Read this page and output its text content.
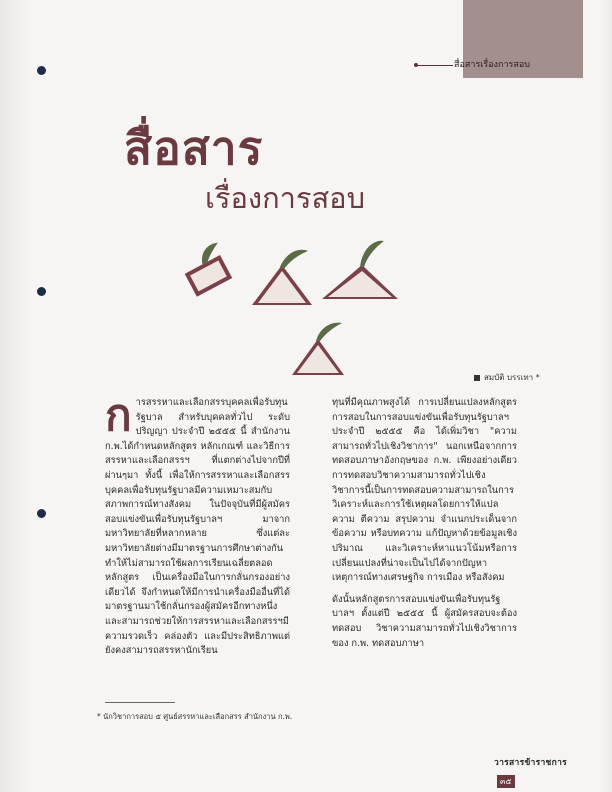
สื่อสารเรื่องการสอบ
สื่อสาร
เรื่องการสอบ
สมบัติ บรรเทา *

การสรรหาและเลือกสรรบุคคลเพื่อรับทุนรัฐบาล สำหรับบุคคลทั่วไป ระดับปริญญา ประจำปี ๒๕๕๕ นี้ สำนักงาน ก.พ.ได้กำหนดหลักสูตร หลักเกณฑ์ และวิธีการสรรหาและเลือกสรรฯ ที่แตกต่างไปจากปีที่ผ่านๆมา ทั้งนี้ เพื่อให้การสรรหาและเลือกสรรบุคคลเพื่อรับทุนรัฐบาลมีความเหมาะสมกับสภาพการณ์ทางสังคม ในปัจจุบันที่มีผู้สมัครสอบแข่งขันเพื่อรับทุนรัฐบาลฯ มาจากมหาวิทยาลัยที่หลากหลาย ซึ่งแต่ละมหาวิทยาลัยต่างมีมาตรฐานการศึกษาต่างกัน ทำให้ไม่สามารถใช้ผลการเรียนเฉลี่ยตลอดหลักสูตร เป็นเครื่องมือในการกลั่นกรองอย่างเดียวได้ จึงกำหนดให้มีการนำเครื่องมืออื่นที่ได้มาตรฐานมาใช้กลั่นกรองผู้สมัครอีกทางหนึ่ง และสามารถช่วยให้การสรรหาและเลือกสรรฯมีความรวดเร็ว คล่องตัว และมีประสิทธิภาพแต่ยังคงสามารถสรรหานักเรียน

ทุนที่มีคุณภาพสูงได้ การเปลี่ยนแปลงหลักสูตรการสอบในการสอบแข่งขันเพื่อรับทุนรัฐบาลฯ ประจำปี ๒๕๕๕ คือ ได้เพิ่มวิชา "ความสามารถทั่วไปเชิงวิชาการ" นอกเหนือจากการทดสอบภาษาอังกฤษของ ก.พ. เพียงอย่างเดียวการทดสอบวิชาความสามารถทั่วไปเชิงวิชาการนี้เป็นการทดสอบความสามารถในการวิเคราะห์และการใช้เหตุผลโดยการให้แปลความ ตีความ สรุปความ จำแนกประเด็นจากข้อความ หรือบทความ แก้ปัญหาด้วยข้อมูลเชิงปริมาณ และวิเคราะห์หาแนวโน้มหรือการเปลี่ยนแปลงที่น่าจะเป็นไปได้จากปัญหาเหตุการณ์ทางเศรษฐกิจ การเมือง หรือสังคม

ดังนั้นหลักสูตรการสอบแข่งขันเพื่อรับทุนรัฐบาลฯ ตั้งแต่ปี ๒๕๕๕ นี้ ผู้สมัครสอบจะต้องทดสอบ วิชาความสามารถทั่วไปเชิงวิชาการของ ก.พ. ทดสอบภาษา

* นักวิชาการสอบ ๕ ศูนย์สรรหาและเลือกสรร สำนักงาน ก.พ.
วารสารข้าราชการ๓๕
